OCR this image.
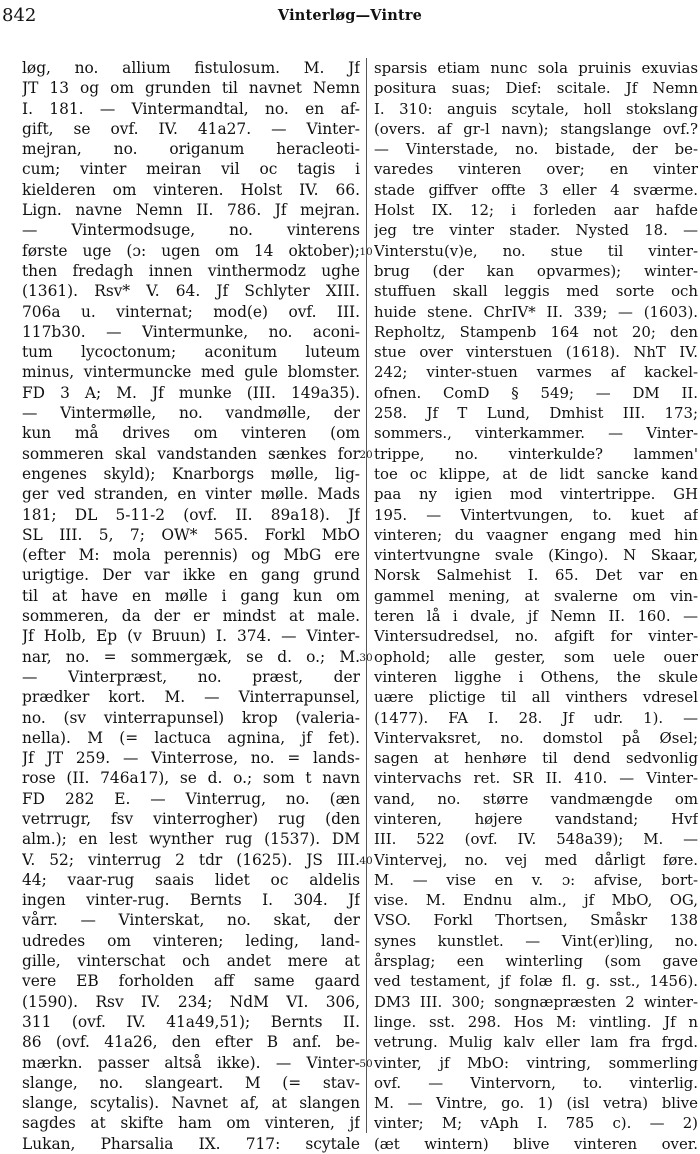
842	Vinterløg—Vintre
løg, no. allium fistulosum. M. Jf
JT 13 og om grunden til navnet Nemn
I. 181. — Vintermandtal, no. en af-
gift, se ovf. IV. 41a27. — Vinter-
mejran, no. origanum heracleoti-
cum; vinter meiran vil oc tagis i
kielderen om vinteren. Holst IV. 66.
Lign. navne Nemn II. 786. Jf mejran.
— Vintermodsuge, no. vinterens
første uge (ɔ: ugen om 14 oktober);
then fredagh innen vinthermodz ughe
(1361). Rsv* V. 64. Jf Schlyter XIII.
706a u. vinternat; mod(e) ovf. III.
117b30. — Vintermunke, no. aconi-
tum lycoctonum; aconitum luteum
minus, vintermuncke med gule blomster.
FD 3 A; M. Jf munke (III. 149a35).
— Vintermølle, no. vandmølle, der
kun må drives om vinteren (om
sommeren skal vandstanden sænkes for
engenes skyld); Knarborgs mølle, lig-
ger ved stranden, en vinter mølle. Mads
181; DL 5-11-2 (ovf. II. 89a18). Jf
SL III. 5, 7; OW* 565. Forkl MbO
(efter M: mola perennis) og MbG ere
urigtige. Der var ikke en gang grund
til at have en mølle i gang kun om
sommeren, da der er mindst at male.
Jf Holb, Ep (v Bruun) I. 374. — Vinter-
nar, no. = sommergæk, se d. o.; M.
— Vinterpræst, no. præst, der
prædker kort. M. — Vinterrapunsel,
no. (sv vinterrapunsel) krop (valeria-
nella). M (= lactuca agnina, jf fet).
Jf JT 259. — Vinterrose, no. = lands-
rose (II. 746a17), se d. o.; som t navn
FD 282 E. — Vinterrug, no. (æn
vetrrugr, fsv vinterrogher) rug (den
alm.); en lest wynther rug (1537). DM
V. 52; vinterrug 2 tdr (1625). JS III.
44; vaar-rug saais lidet oc aldelis
ingen vinter-rug. Bernts I. 304. Jf
vårr. — Vinterskat, no. skat, der
udredes om vinteren; leding, land-
gille, vinterschat och andet mere at
vere EB forholden aff same gaard
(1590). Rsv IV. 234; NdM VI. 306,
311 (ovf. IV. 41a49,51); Bernts II.
86 (ovf. 41a26, den efter B anf. be-
mærkn. passer altså ikke). — Vinter-
slange, no. slangeart. M (= stav-
slange, scytalis). Navnet af, at slangen
sagdes at skifte ham om vinteren, jf
Lukan, Pharsalia IX. 717: scytale
sparsis etiam nunc sola pruinis exuvias
positura suas; Dief: scitale. Jf Nemn
I. 310: anguis scytale, holl stokslang
(overs. af gr-l navn); stangslange ovf.?
— Vinterstade, no. bistade, der be-
varedes vinteren over; en vinter
stade giffver offte 3 eller 4 sværme.
Holst IX. 12; i forleden aar hafde
jeg tre vinter stader. Nysted 18. —
Vinterstu(v)e, no. stue til vinter-
brug (der kan opvarmes); winter-
stuffuen skall leggis med sorte och
huide stene. ChrIV* II. 339; — (1603).
Repholtz, Stampenb 164 not 20; den
stue over vinterstuen (1618). NhT IV.
242; vinter-stuen varmes af kackel-
ofnen. ComD § 549; — DM II.
258. Jf T Lund, Dmhist III. 173;
sommers., vinterkammer. — Vinter-
trippe, no. vinterkulde? lammen'
toe oc klippe, at de lidt sancke kand
paa ny igien mod vintertrippe. GH
195. — Vintertvungen, to. kuet af
vinteren; du vaagner engang med hin
vintertvungne svale (Kingo). N Skaar,
Norsk Salmehist I. 65. Det var en
gammel mening, at svalerne om vin-
teren lå i dvale, jf Nemn II. 160. —
Vintersudredsel, no. afgift for vinter-
ophold; alle gester, som uele ouer
vinteren ligghe i Othens, the skule
uære plictige til all vinthers vdresel
(1477). FA I. 28. Jf udr. 1). —
Vintervaksret, no. domstol på Øsel;
sagen at henhøre til dend sedvonlig
vintervachs ret. SR II. 410. — Vinter-
vand, no. større vandmængde om
vinteren, højere vandstand; Hvf
III. 522 (ovf. IV. 548a39); M. —
Vintervej, no. vej med dårligt føre.
M. — vise en v. ɔ: afvise, bort-
vise. M. Endnu alm., jf MbO, OG,
VSO. Forkl Thortsen, Småskr 138
synes kunstlet. — Vint(er)ling, no.
årsplag; een winterling (som gave
ved testament, jf folæ fl. g. sst., 1456).
DM3 III. 300; songnæpræsten 2 winter-
linge. sst. 298. Hos M: vintling. Jf n
vetrung. Mulig kalv eller lam fra frgd.
vinter, jf MbO: vintring, sommerling
ovf. — Vintervorn, to. vinterlig.
M. — Vintre, go. 1) (isl vetra) blive
vinter; M; vAph I. 785 c). — 2)
(æt wintern) blive vinteren over.
10
20
30
40
50
